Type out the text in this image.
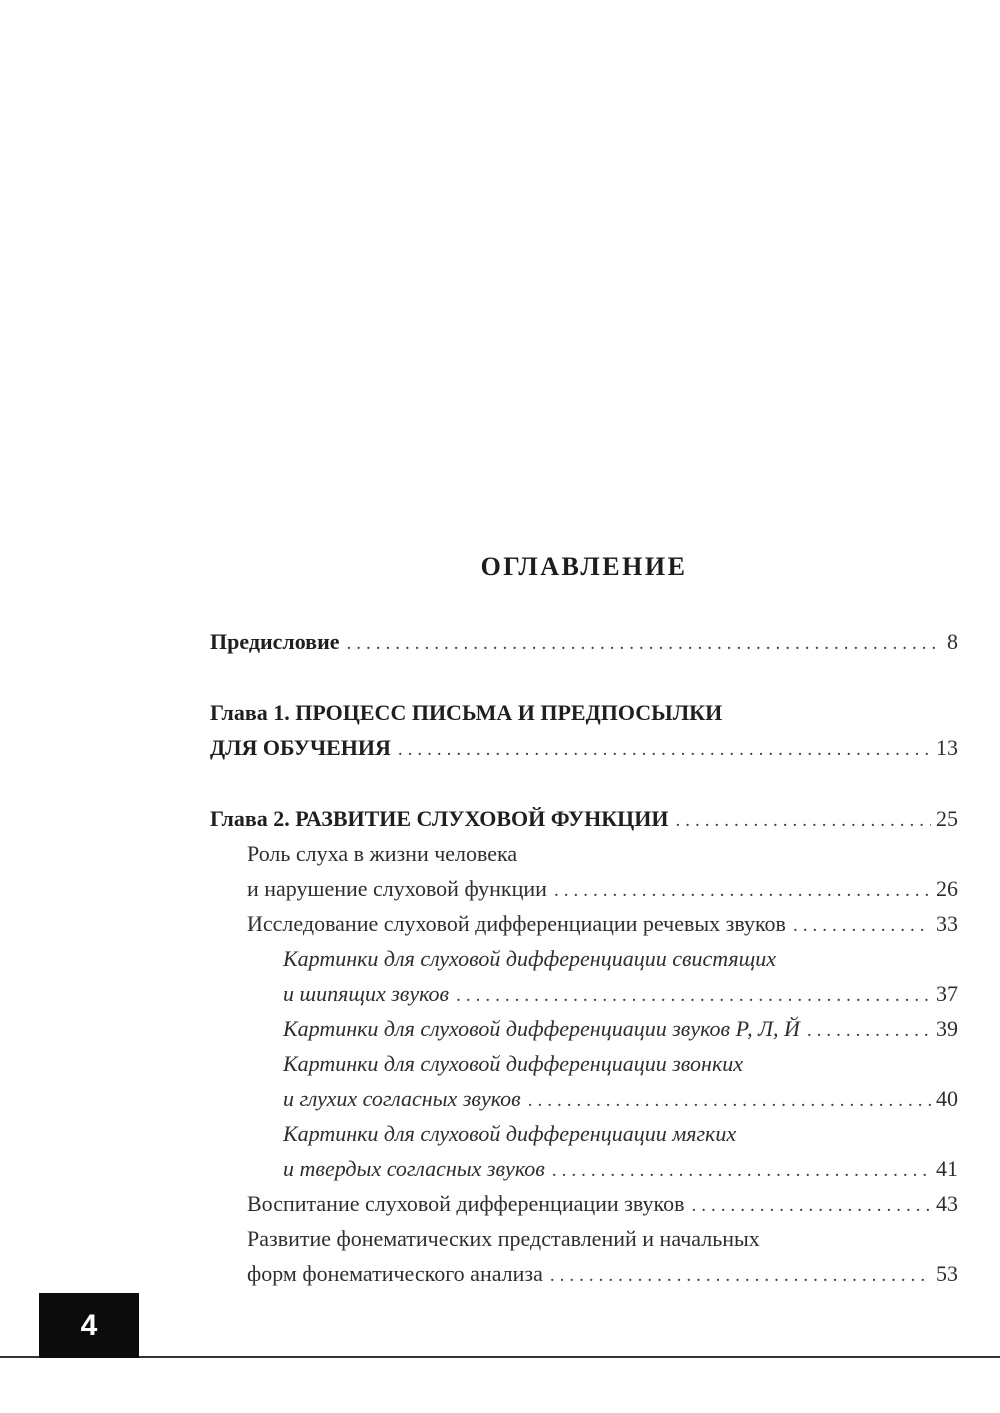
ОГЛАВЛЕНИЕ
Предисловие .....	8
Глава 1. ПРОЦЕСС ПИСЬМА И ПРЕДПОСЫЛКИ
ДЛЯ ОБУЧЕНИЯ .....	13
Глава 2. РАЗВИТИЕ СЛУХОВОЙ ФУНКЦИИ .....	25
Роль слуха в жизни человека
и нарушение слуховой функции .....	26
Исследование слуховой дифференциации речевых звуков .....	33
Картинки для слуховой дифференциации свистящих
и шипящих звуков .....	37
Картинки для слуховой дифференциации звуков Р, Л, Й .....	39
Картинки для слуховой дифференциации звонких
и глухих согласных звуков .....	40
Картинки для слуховой дифференциации мягких
и твердых согласных звуков .....	41
Воспитание слуховой дифференциации звуков .....	43
Развитие фонематических представлений и начальных
форм фонематического анализа .....	53
4
